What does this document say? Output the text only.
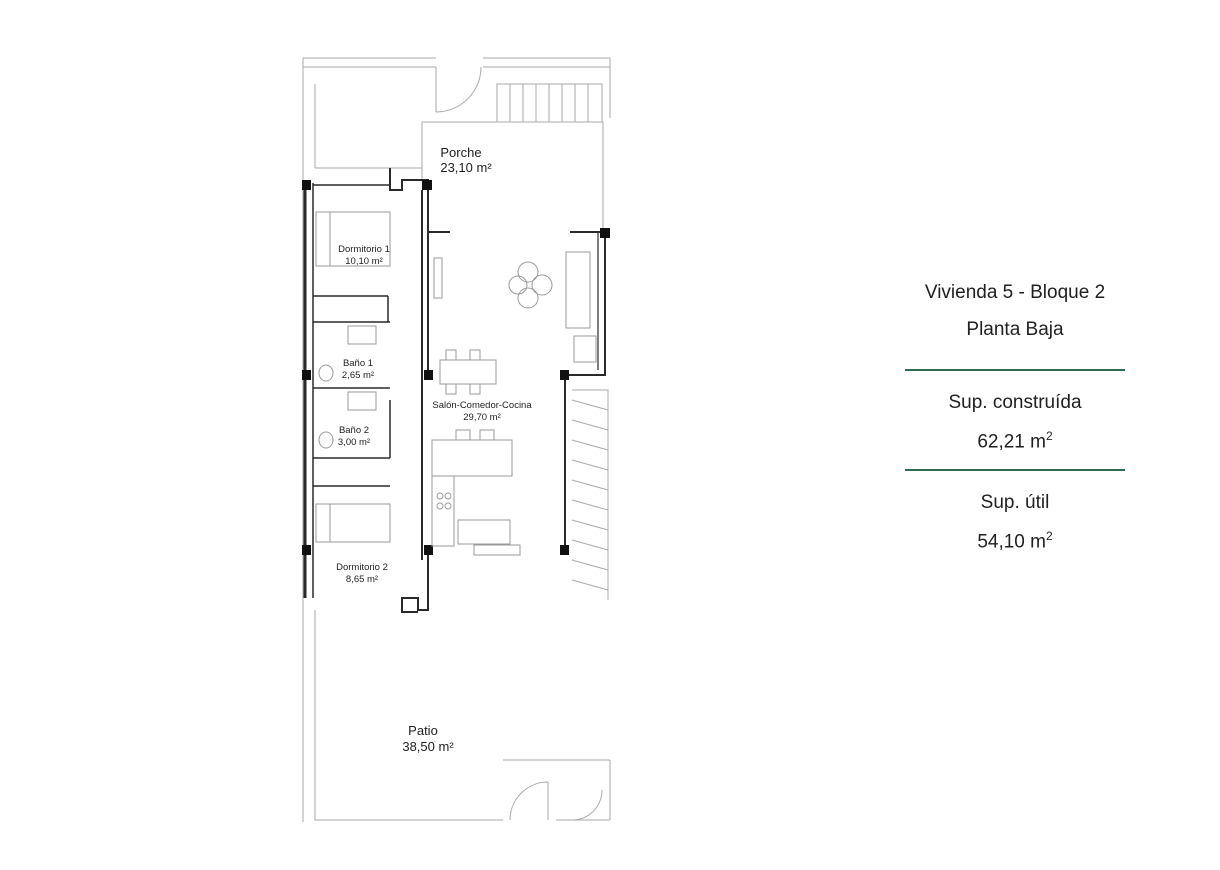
Porche
23,10 m²
Dormitorio 1
10,10 m²
Baño 1
2,65 m²
Baño 2
3,00 m²
Salón-Comedor-Cocina
29,70 m²
Dormitorio 2
8,65 m²
Patio
38,50 m²
Vivienda 5 - Bloque 2
Planta Baja
Sup. construída
62,21 $m^2$
Sup. útil
54,10 $m^2$
